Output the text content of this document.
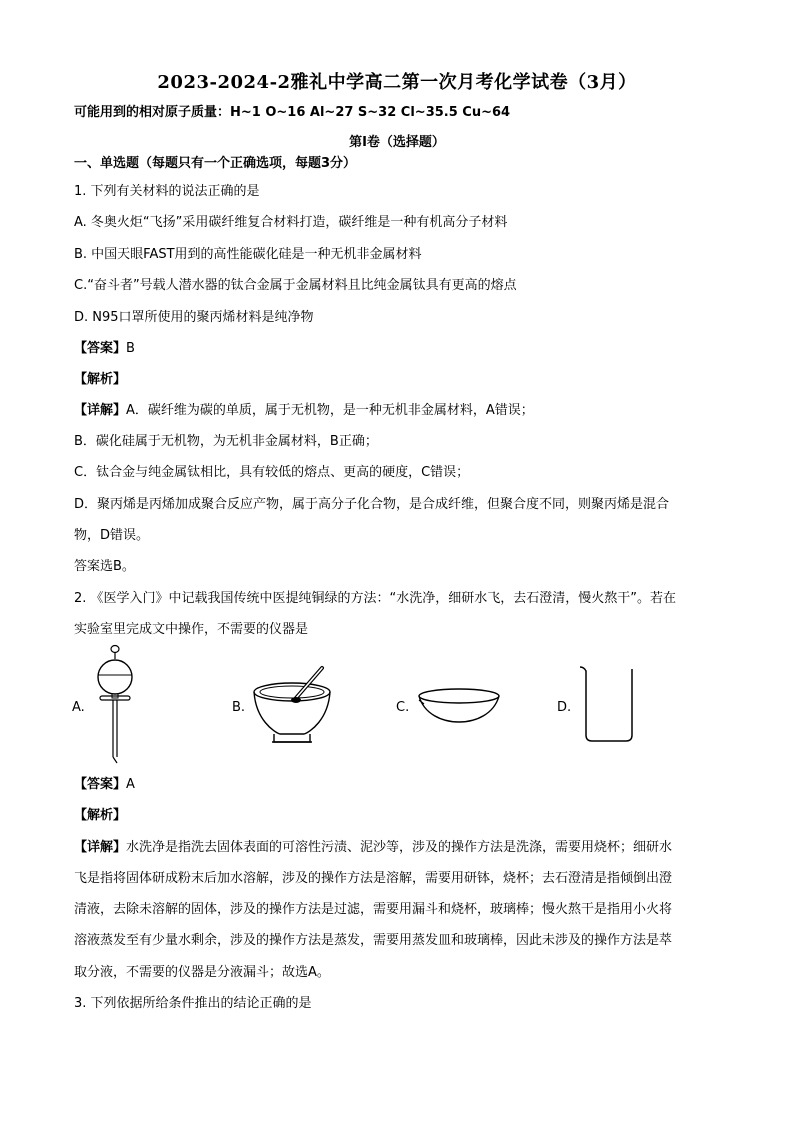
2023-2024-2雅礼中学高二第一次月考化学试卷（3月）
可能用到的相对原子质量：H~1 O~16 Al~27 S~32 Cl~35.5 Cu~64
第Ⅰ卷（选择题）
一、单选题（每题只有一个正确选项，每题3分）
1. 下列有关材料的说法正确的是
A. 冬奥火炬“飞扬”采用碳纤维复合材料打造，碳纤维是一种有机高分子材料
B. 中国天眼FAST用到的高性能碳化硅是一种无机非金属材料
C.“奋斗者”号载人潜水器的钛合金属于金属材料且比纯金属钛具有更高的熔点
D. N95口罩所使用的聚丙烯材料是纯净物
【答案】B
【解析】
【详解】A．碳纤维为碳的单质，属于无机物，是一种无机非金属材料，A错误；
B．碳化硅属于无机物，为无机非金属材料，B正确；
C．钛合金与纯金属钛相比，具有较低的熔点、更高的硬度，C错误；
D．聚丙烯是丙烯加成聚合反应产物，属于高分子化合物，是合成纤维，但聚合度不同，则聚丙烯是混合
物，D错误。
答案选B。
2. 《医学入门》中记载我国传统中医提纯铜绿的方法：“水洗净，细研水飞，去石澄清，慢火熬干”。若在
实验室里完成文中操作，不需要的仪器是
A.	B.	C.	D.
【答案】A
【解析】
【详解】水洗净是指洗去固体表面的可溶性污渍、泥沙等，涉及的操作方法是洗涤，需要用烧杯；细研水
飞是指将固体研成粉末后加水溶解，涉及的操作方法是溶解，需要用研钵，烧杯；去石澄清是指倾倒出澄
清液，去除未溶解的固体，涉及的操作方法是过滤，需要用漏斗和烧杯，玻璃棒；慢火熬干是指用小火将
溶液蒸发至有少量水剩余，涉及的操作方法是蒸发，需要用蒸发皿和玻璃棒，因此未涉及的操作方法是萃
取分液，不需要的仪器是分液漏斗；故选A。
3. 下列依据所给条件推出的结论正确的是
